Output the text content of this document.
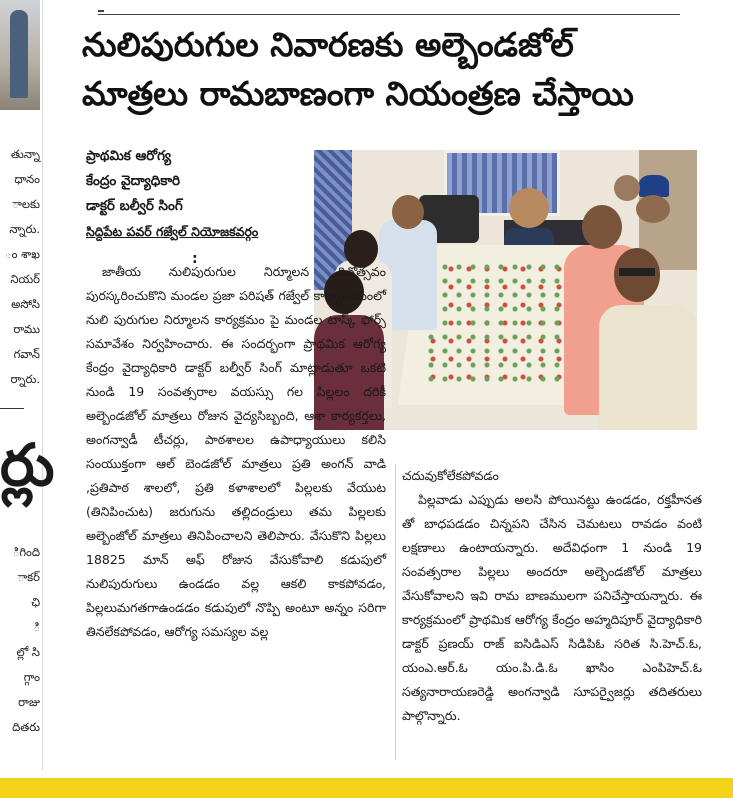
తున్నా
ధానం
ాలకు
న్నారు.
ం శాఖ
నియర్
అసోసి
రాము
గవాన్
ర్నారు.
ర్లు
ిగింది
ాకర్
ఛి
ి
ల్లో సి
గ్గాం
రాజు
దితరు
నులిపురుగుల నివారణకు అల్బెండజోల్
మాత్రలు రామబాణంగా నియంత్రణ చేస్తాయి
ప్రాథమిక ఆరోగ్య
కేంద్రం వైద్యాధికారి
డాక్టర్ బల్వీర్ సింగ్
సిద్దిపేట పవర్ గజ్వేల్ నియోజకవర్గం
:

జాతీయ నులిపురుగుల నిర్మూలన దినోత్సవం పురస్కరించుకొని మండల ప్రజా పరిషత్ గజ్వేల్ కార్యాలయంలో నులి పురుగుల నిర్మూలన కార్యక్రమం పై మండల టాస్క్ ఫోర్స్ సమావేశం నిర్వహించారు. ఈ సందర్భంగా ప్రాథమిక ఆరోగ్య కేంద్రం వైద్యాధికారి డాక్టర్ బల్వీర్ సింగ్ మాట్లాడుతూ ఒకటి నుండి 19 సంవత్సరాల వయస్సు గల పిల్లలం దరికీ అల్బెండజోల్ మాత్రలు రోజున వైద్యసిబ్బంది, ఆశా కార్యకర్తలు, అంగన్వాడీ టీచర్లు, పాఠశాలల ఉపాధ్యాయులు కలిసి సంయుక్తంగా ఆల్ బెండజోల్ మాత్రలు ప్రతి అంగన్ వాడి ,ప్రతిపాఠ శాలలో, ప్రతి కళాశాలలో పిల్లలకు వేయుట (తినిపించుట) జరుగును తల్లిదండ్రులు తమ పిల్లలకు అల్బెంజోల్ మాత్రలు తినిపించాలని తెలిపారు. వేసుకొని పిల్లలు 18825 మాన్ అఫ్ రోజున వేసుకోవాలి కడుపులో నులిపురుగులు ఉండడం వల్ల ఆకలి కాకపోవడం, పిల్లలుమగతగాఉండడం కడుపులో నొప్పి అంటూ అన్నం సరిగా తినలేకపోవడం, ఆరోగ్య సమస్యల వల్ల

చదువుకోలేకపోవడం

పిల్లవాడు ఎప్పుడు అలసి పోయినట్టు ఉండడం, రక్తహీనత తో బాధపడడం చిన్నపని చేసిన చెమటలు రావడం వంటి లక్షణాలు ఉంటాయన్నారు. అదేవిధంగా 1 నుండి 19 సంవత్సరాల పిల్లలు అందరూ అల్బెండజోల్ మాత్రలు వేసుకోవాలని ఇవి రామ బాణములగా పనిచేస్తాయన్నారు. ఈ కార్యక్రమంలో ప్రాథమిక ఆరోగ్య కేంద్రం అహ్మదిపూర్ వైద్యాధికారి డాక్టర్ ప్రణయ్ రాజ్ ఐసిడిఎస్ సిడిపిఓ సరిత సి.హెచ్.ఓ, యంఎ.ఆర్.ఓ యం.పి.డి.ఓ ఖాసిం ఎంపిహెచ్.ఓ సత్యనారాయణరెడ్డి అంగన్వాడి సూపర్వైజర్లు తదితరులు పాల్గొన్నారు.
